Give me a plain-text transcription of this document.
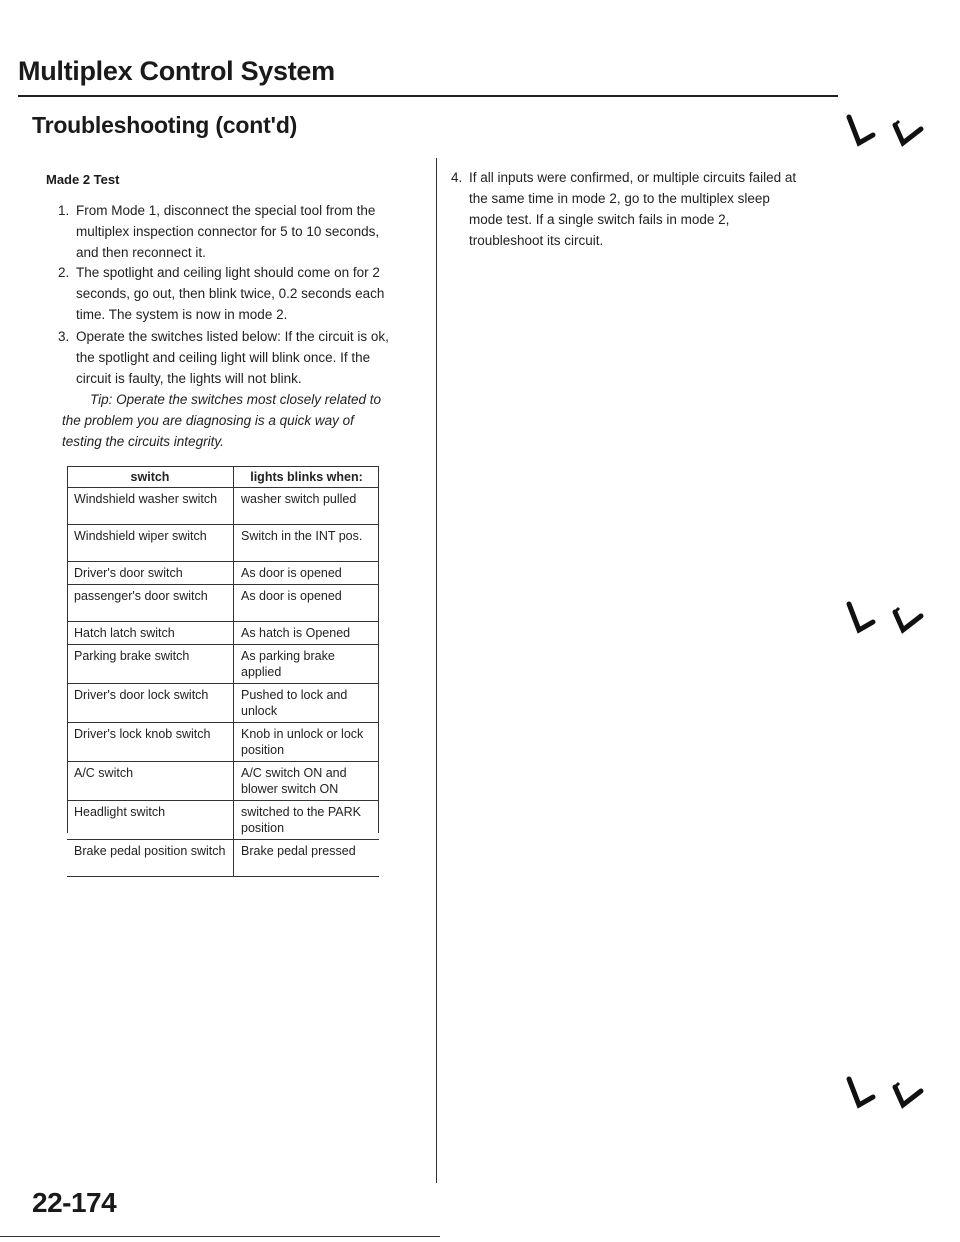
Multiplex Control System
Troubleshooting (cont'd)
Made 2 Test
1. From Mode 1, disconnect the special tool from the multiplex inspection connector for 5 to 10 seconds, and then reconnect it.
2. The spotlight and ceiling light should come on for 2 seconds, go out, then blink twice, 0.2 seconds each time. The system is now in mode 2.
3. Operate the switches listed below: If the circuit is ok, the spotlight and ceiling light will blink once. If the circuit is faulty, the lights will not blink.
Tip: Operate the switches most closely related to the problem you are diagnosing is a quick way of testing the circuits integrity.
switch	lights blinks when:
Windshield washer switch	washer switch pulled
Windshield wiper switch	Switch in the INT pos.
Driver's door switch	As door is opened
passenger's door switch	As door is opened
Hatch latch switch	As hatch is Opened
Parking brake switch	As parking brake applied
Driver's door lock switch	Pushed to lock and unlock
Driver's lock knob switch	Knob in unlock or lock position
A/C switch	A/C switch ON and blower switch ON
Headlight switch	switched to the PARK position
Brake pedal position switch	Brake pedal pressed
4. If all inputs were confirmed, or multiple circuits failed at the same time in mode 2, go to the multiplex sleep mode test. If a single switch fails in mode 2, troubleshoot its circuit.
22-174
